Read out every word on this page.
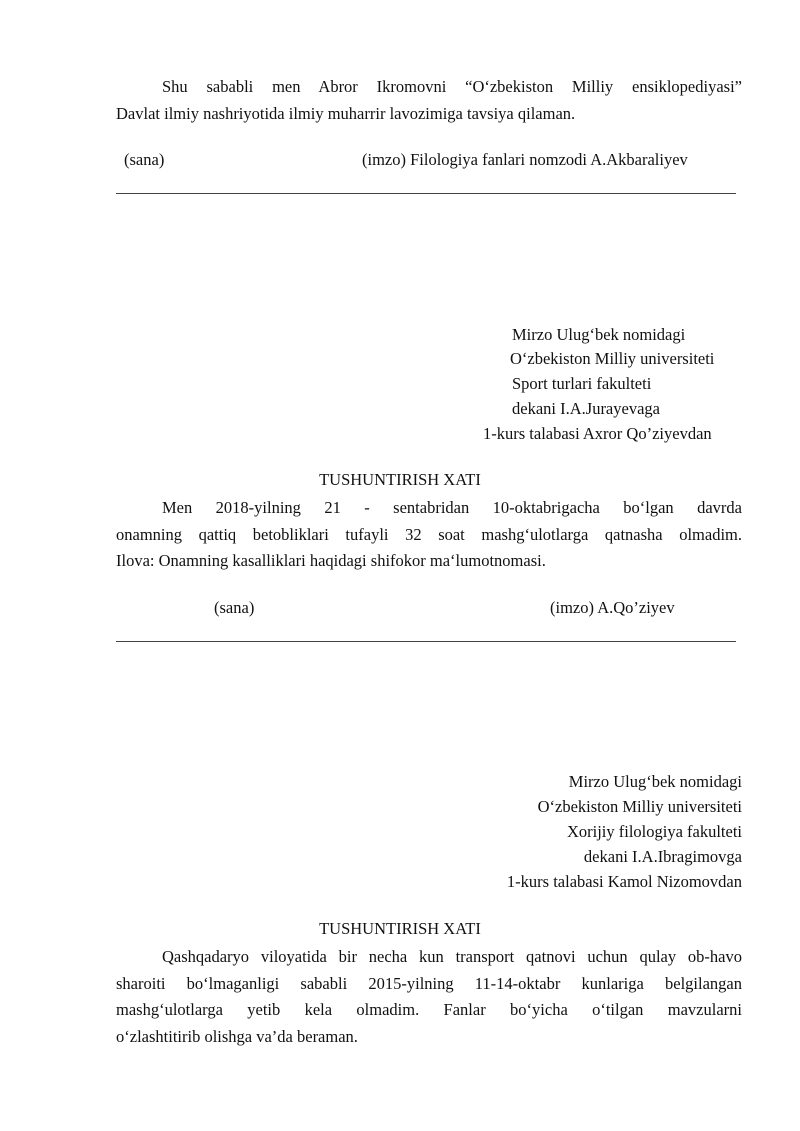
Shu sababli men Abror Ikromovni “O‘zbekiston Milliy ensiklopediyasi”
Davlat ilmiy nashriyotida ilmiy muharrir lavozimiga tavsiya qilaman.
(sana)	(imzo) Filologiya fanlari nomzodi A.Akbaraliyev
Mirzo Ulug‘bek nomidagi
O‘zbekiston Milliy universiteti
Sport turlari fakulteti
dekani I.A.Jurayevaga
1-kurs talabasi Axror Qo’ziyevdan
TUSHUNTIRISH XATI
Men 2018-yilning 21 - sentabridan 10-oktabrigacha bo‘lgan davrda
onamning qattiq betobliklari tufayli 32 soat mashg‘ulotlarga qatnasha olmadim.
Ilova: Onamning kasalliklari haqidagi shifokor ma‘lumotnomasi.
(sana)	(imzo) A.Qo’ziyev
Mirzo Ulug‘bek nomidagi
O‘zbekiston Milliy universiteti
Xorijiy filologiya fakulteti
dekani I.A.Ibragimovga
1-kurs talabasi Kamol Nizomovdan
TUSHUNTIRISH XATI
Qashqadaryo viloyatida bir necha kun transport qatnovi uchun qulay ob-havo
sharoiti bo‘lmaganligi sababli 2015-yilning 11-14-oktabr kunlariga belgilangan
mashg‘ulotlarga yetib kela olmadim. Fanlar bo‘yicha o‘tilgan mavzularni
o‘zlashtitirib olishga va’da beraman.
